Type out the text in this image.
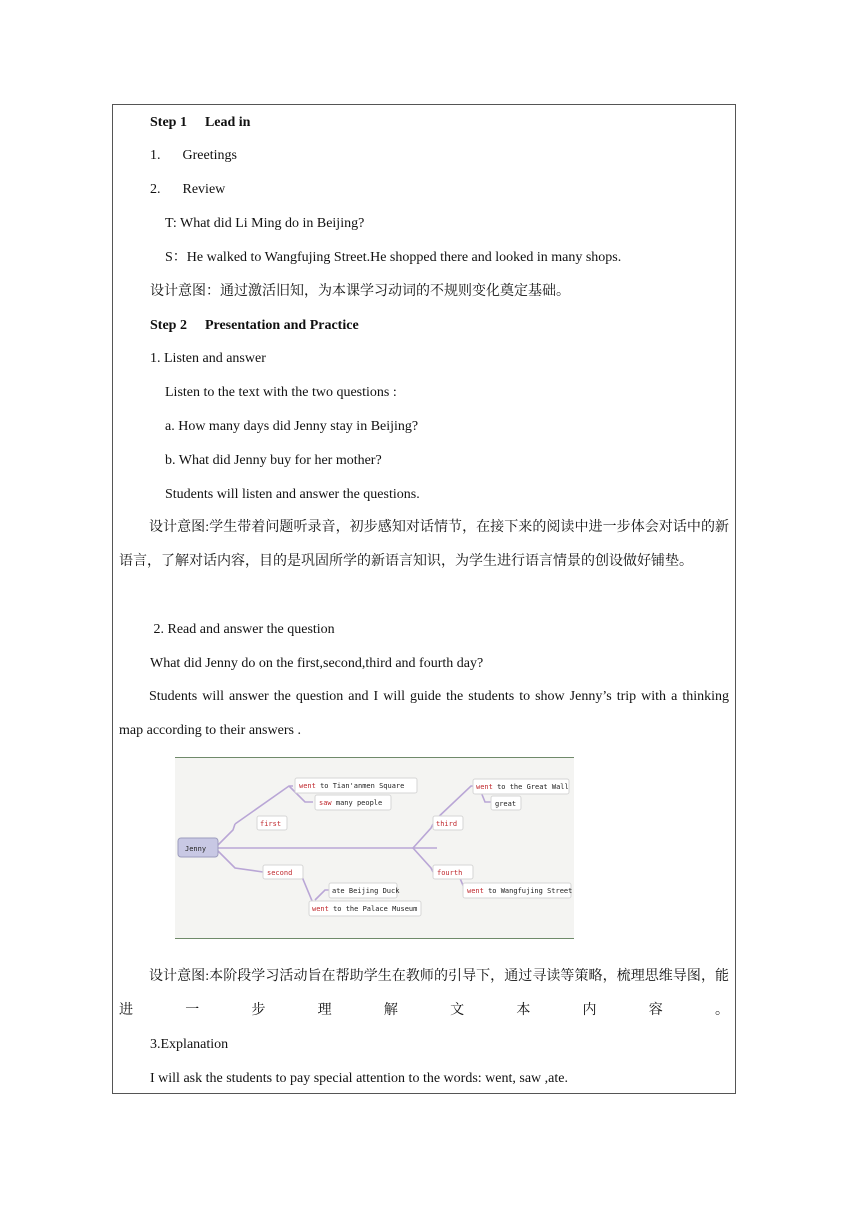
Step 1 Lead in
1. Greetings
2. Review
T: What did Li Ming do in Beijing?
S：He walked to Wangfujing Street.He shopped there and looked in many shops.
设计意图：通过激活旧知，为本课学习动词的不规则变化奠定基础。
Step 2 Presentation and Practice
1. Listen and answer
Listen to the text with the two questions :
a. How many days did Jenny stay in Beijing?
b. What did Jenny buy for her mother?
Students will listen and answer the questions.

设计意图:学生带着问题听录音，初步感知对话情节，在接下来的阅读中进一步体会对话中的新语言，了解对话内容，目的是巩固所学的新语言知识，为学生进行语言情景的创设做好铺垫。

2. Read and answer the question
What did Jenny do on the first,second,third and fourth day?

Students will answer the question and I will guide the students to show Jenny’s trip with a thinking map according to their answers .

Jenny
first
went to Tian'anmen Square
saw many people
second
ate Beijing Duck
went to the Palace Museum
third
went to the Great Wall
great
fourth
went to Wangfujing Street

设计意图:本阶段学习活动旨在帮助学生在教师的引导下，通过寻读等策略，梳理思维导图，能进一步理解文本内容。

3.Explanation
I will ask the students to pay special attention to the words: went, saw ,ate.
